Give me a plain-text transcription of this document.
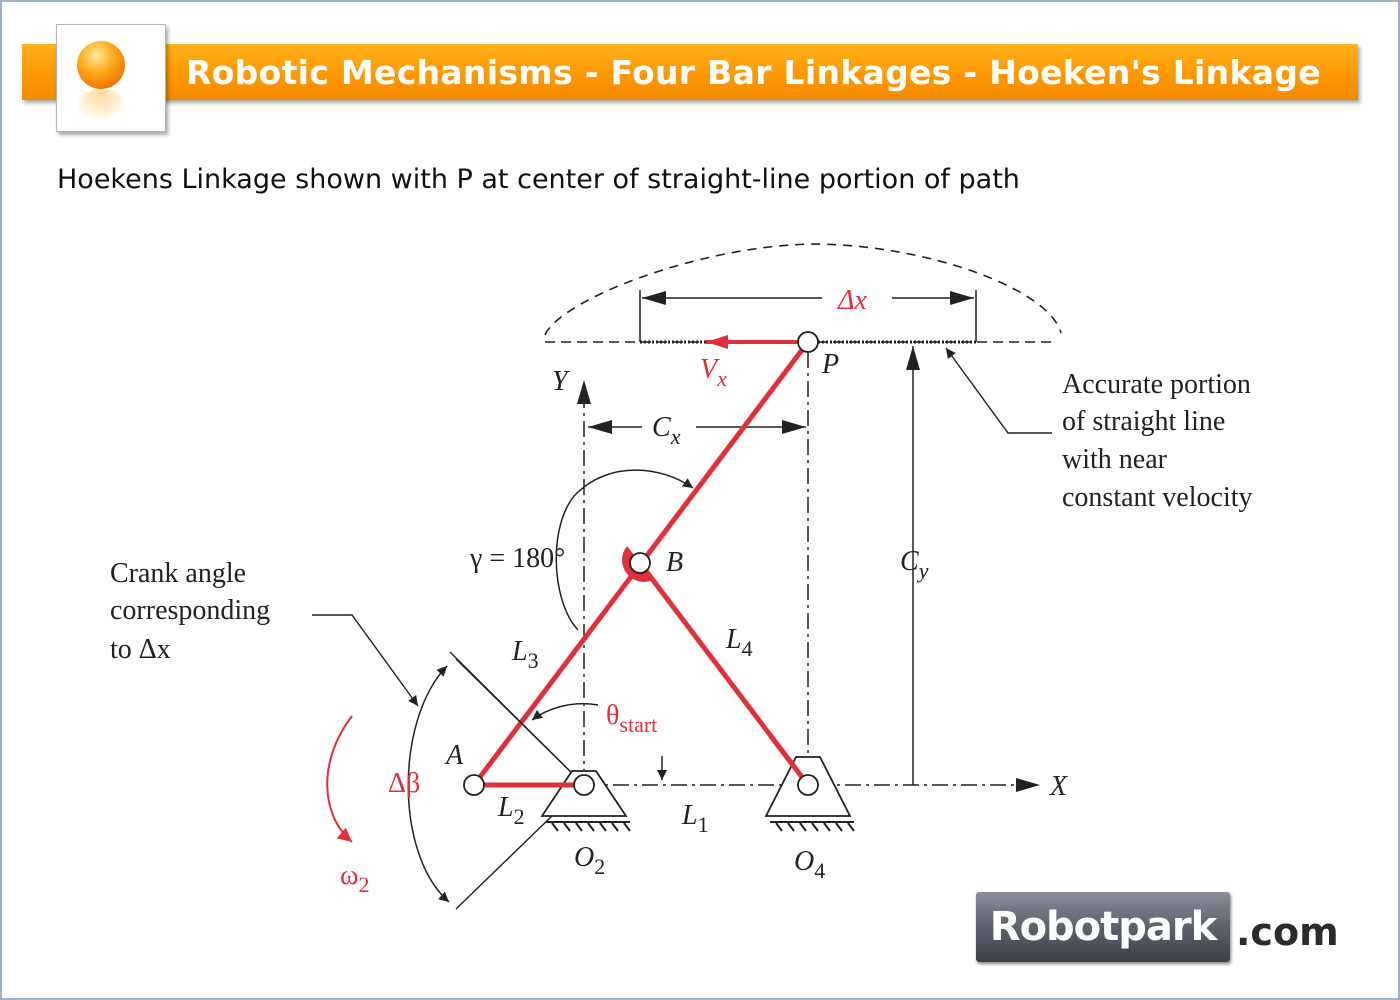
Robotic Mechanisms - Four Bar Linkages - Hoeken's Linkage
Hoekens Linkage shown with P at center of straight-line portion of path
Δx
$V_x$	P
Y
X
$C_x$
$C_y$
γ = 180°	B
$L_3$
$L_4$
$\theta_{start}$
A
Δβ
$L_2$	$L_1$
$O_2$	$O_4$
$\omega_2$
Accurate portion
of straight line
with near
constant velocity
Crank angle
corresponding
to Δx
Robotpark .com
